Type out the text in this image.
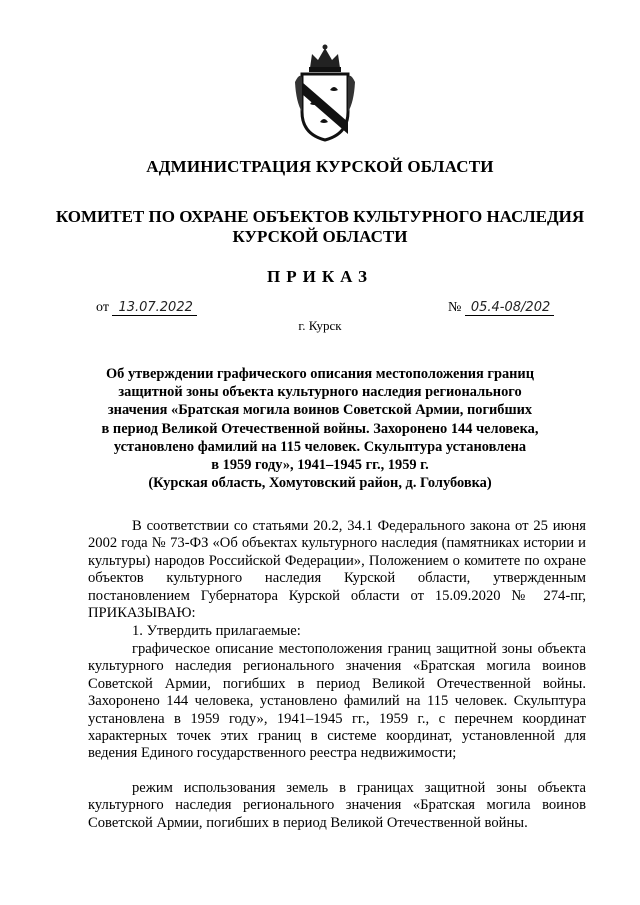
АДМИНИСТРАЦИЯ КУРСКОЙ ОБЛАСТИ
КОМИТЕТ ПО ОХРАНЕ ОБЪЕКТОВ КУЛЬТУРНОГО НАСЛЕДИЯ
КУРСКОЙ ОБЛАСТИ
ПРИКАЗ
от 13.07.2022	№ 05.4-08/202
г. Курск
Об утверждении графического описания местоположения границ
защитной зоны объекта культурного наследия регионального
значения «Братская могила воинов Советской Армии, погибших
в период Великой Отечественной войны. Захоронено 144 человека,
установлено фамилий на 115 человек. Скульптура установлена
в 1959 году», 1941–1945 гг., 1959 г.
(Курская область, Хомутовский район, д. Голубовка)

В соответствии со статьями 20.2, 34.1 Федерального закона от 25 июня 2002 года № 73-ФЗ «Об объектах культурного наследия (памятниках истории и культуры) народов Российской Федерации», Положением о комитете по охране объектов культурного наследия Курской области, утвержденным постановлением Губернатора Курской области от 15.09.2020 № 274-пг, ПРИКАЗЫВАЮ:

1. Утвердить прилагаемые:

графическое описание местоположения границ защитной зоны объекта культурного наследия регионального значения «Братская могила воинов Советской Армии, погибших в период Великой Отечественной войны. Захоронено 144 человека, установлено фамилий на 115 человек. Скульптура установлена в 1959 году», 1941–1945 гг., 1959 г., с перечнем координат характерных точек этих границ в системе координат, установленной для ведения Единого государственного реестра недвижимости;

режим использования земель в границах защитной зоны объекта культурного наследия регионального значения «Братская могила воинов Советской Армии, погибших в период Великой Отечественной войны.
